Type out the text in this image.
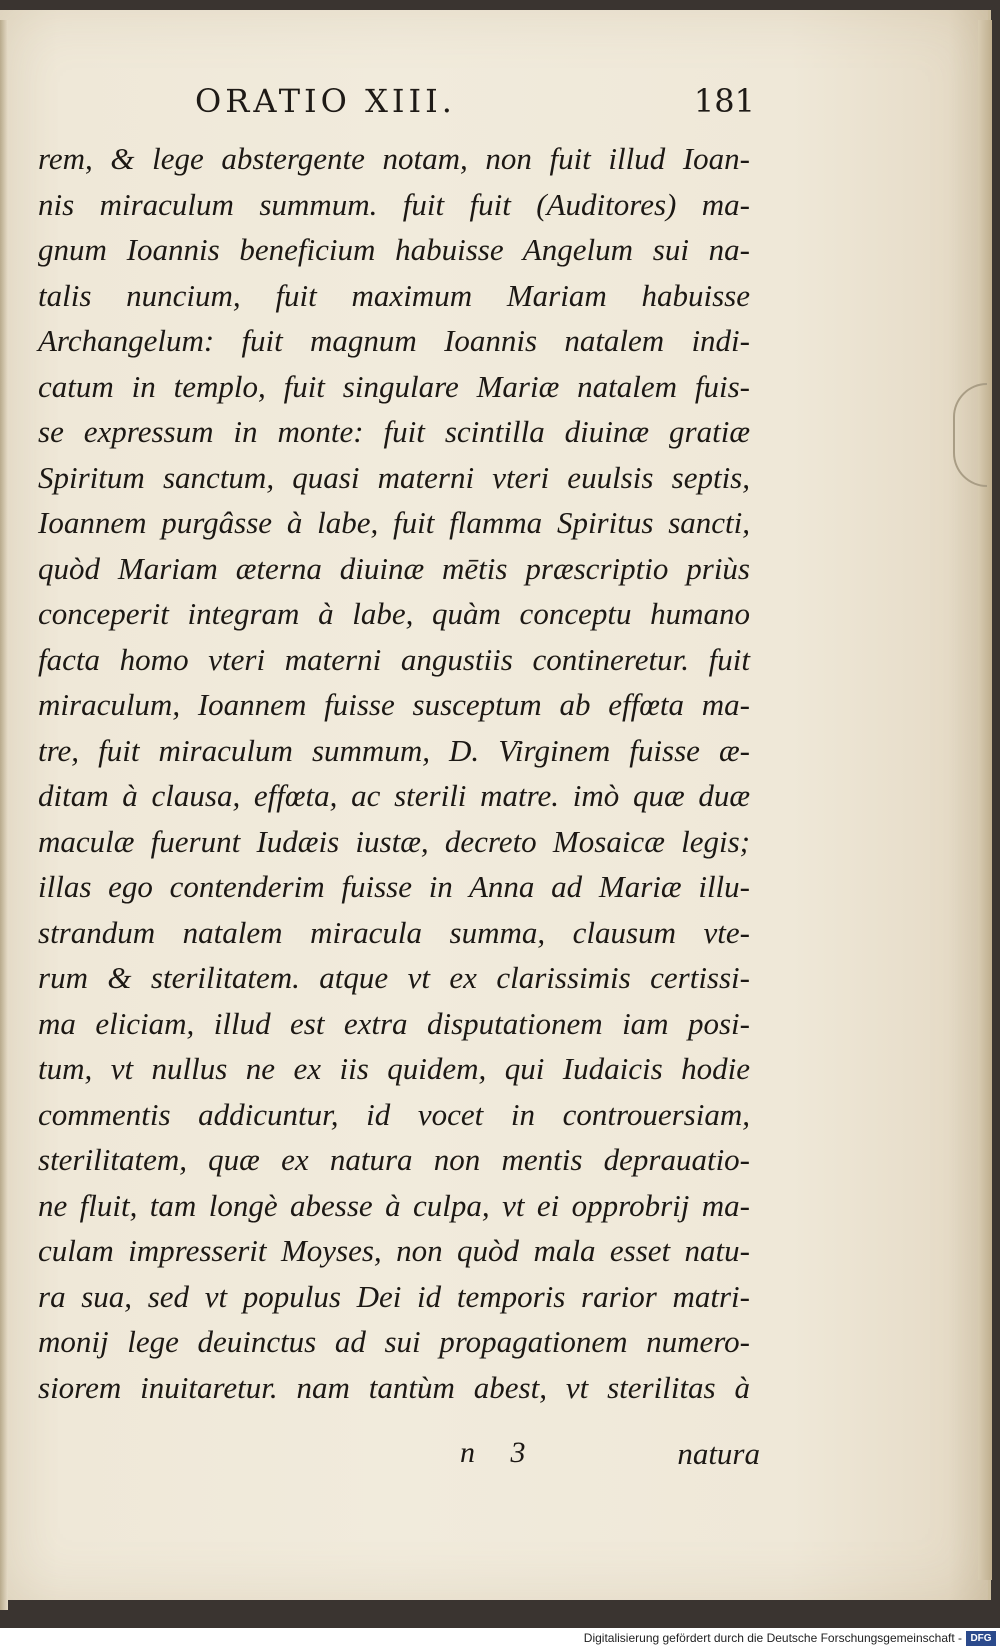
ORATIO XIII.	181
rem, & lege abstergente notam, non fuit illud Ioan-
nis miraculum summum. fuit fuit (Auditores) ma-
gnum Ioannis beneficium habuisse Angelum sui na-
talis nuncium, fuit maximum Mariam habuisse
Archangelum: fuit magnum Ioannis natalem indi-
catum in templo, fuit singulare Mariæ natalem fuis-
se expressum in monte: fuit scintilla diuinæ gratiæ
Spiritum sanctum, quasi materni vteri euulsis septis,
Ioannem purgâsse à labe, fuit flamma Spiritus sancti,
quòd Mariam æterna diuinæ mētis præscriptio priùs
conceperit integram à labe, quàm conceptu humano
facta homo vteri materni angustiis contineretur. fuit
miraculum, Ioannem fuisse susceptum ab effœta ma-
tre, fuit miraculum summum, D. Virginem fuisse æ-
ditam à clausa, effœta, ac sterili matre. imò quæ duæ
maculæ fuerunt Iudæis iustæ, decreto Mosaicæ legis;
illas ego contenderim fuisse in Anna ad Mariæ illu-
strandum natalem miracula summa, clausum vte-
rum & sterilitatem. atque vt ex clarissimis certissi-
ma eliciam, illud est extra disputationem iam posi-
tum, vt nullus ne ex iis quidem, qui Iudaicis hodie
commentis addicuntur, id vocet in controuersiam,
sterilitatem, quæ ex natura non mentis deprauatio-
ne fluit, tam longè abesse à culpa, vt ei opprobrij ma-
culam impresserit Moyses, non quòd mala esset natu-
ra sua, sed vt populus Dei id temporis rarior matri-
monij lege deuinctus ad sui propagationem numero-
siorem inuitaretur. nam tantùm abest, vt sterilitas à
n 3	natura
Digitalisierung gefördert durch die Deutsche Forschungsgemeinschaft - DFG
